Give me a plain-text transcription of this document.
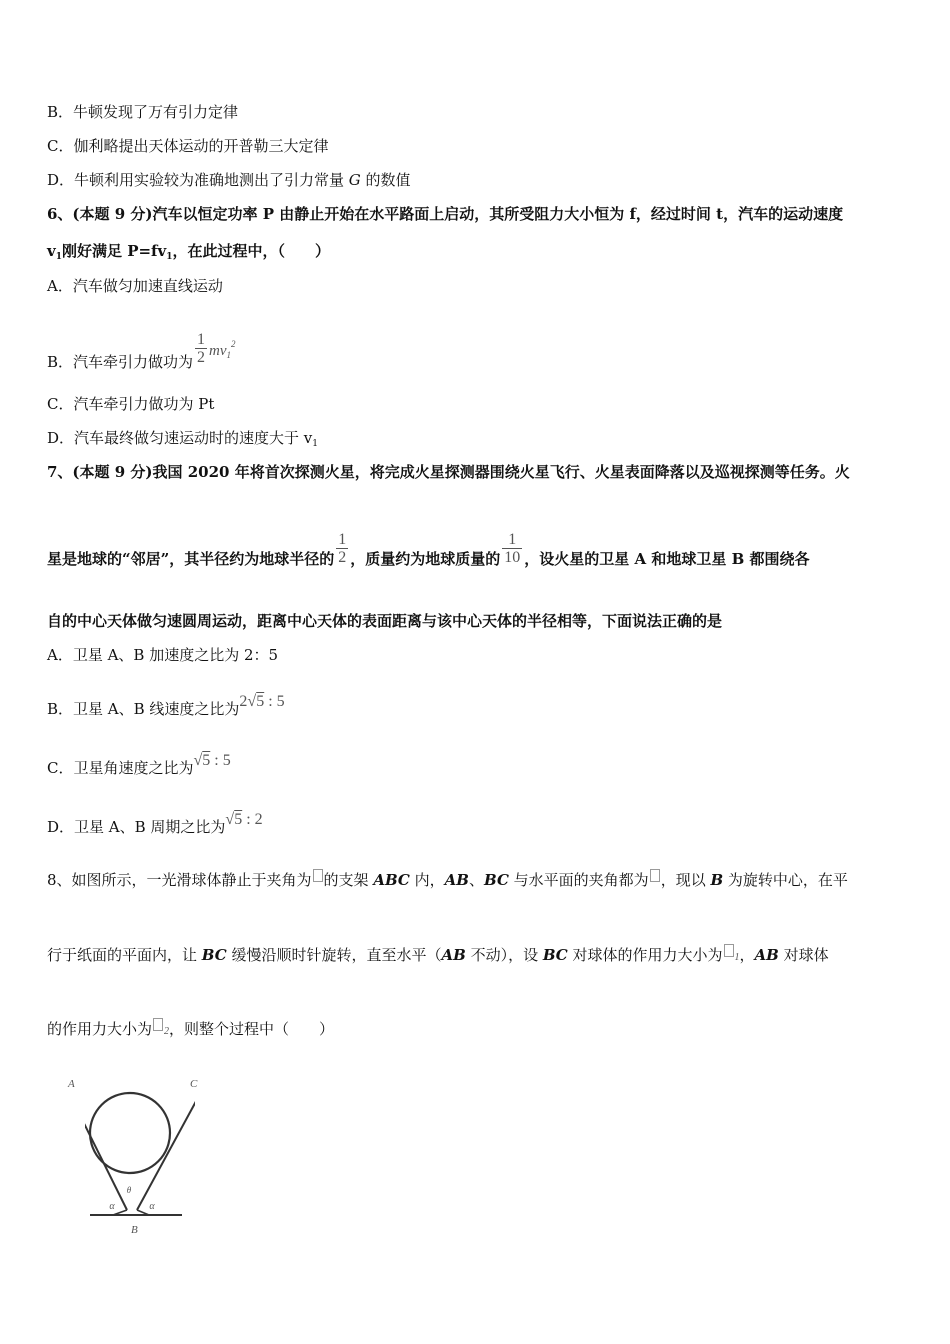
B．牛顿发现了万有引力定律
C．伽利略提出天体运动的开普勒三大定律
D．牛顿利用实验较为准确地测出了引力常量 G 的数值
6、(本题 9 分)汽车以恒定功率 P 由静止开始在水平路面上启动，其所受阻力大小恒为 f，经过时间 t，汽车的运动速度
$v_1$刚好满足 $P=fv_1$，在此过程中，（　　）
A．汽车做匀加速直线运动
B．汽车牵引力做功为 $\frac{1}{2} mv_1^2$
C．汽车牵引力做功为 Pt
D．汽车最终做匀速运动时的速度大于 $v_1$
7、(本题 9 分)我国 2020 年将首次探测火星，将完成火星探测器围绕火星飞行、火星表面降落以及巡视探测等任务。火
星是地球的“邻居”，其半径约为地球半径的 $\frac{1}{2}$ ，质量约为地球质量的 $\frac{1}{10}$ ，设火星的卫星 A 和地球卫星 B 都围绕各
自的中心天体做匀速圆周运动，距离中心天体的表面距离与该中心天体的半径相等，下面说法正确的是
A．卫星 A、B 加速度之比为 2：5
B．卫星 A、B 线速度之比为2√5 : 5
C．卫星角速度之比为√5 : 5
D．卫星 A、B 周期之比为√5 : 2
8、如图所示，一光滑球体静止于夹角为 的支架 ABC 内，AB、BC 与水平面的夹角都为 ，现以 B 为旋转中心，在平
行于纸面的平面内，让 BC 缓慢沿顺时针旋转，直至水平（AB 不动），设 BC 对球体的作用力大小为 1，AB 对球体
的作用力大小为 2，则整个过程中（　　）
θ
α	α
A	C
B
